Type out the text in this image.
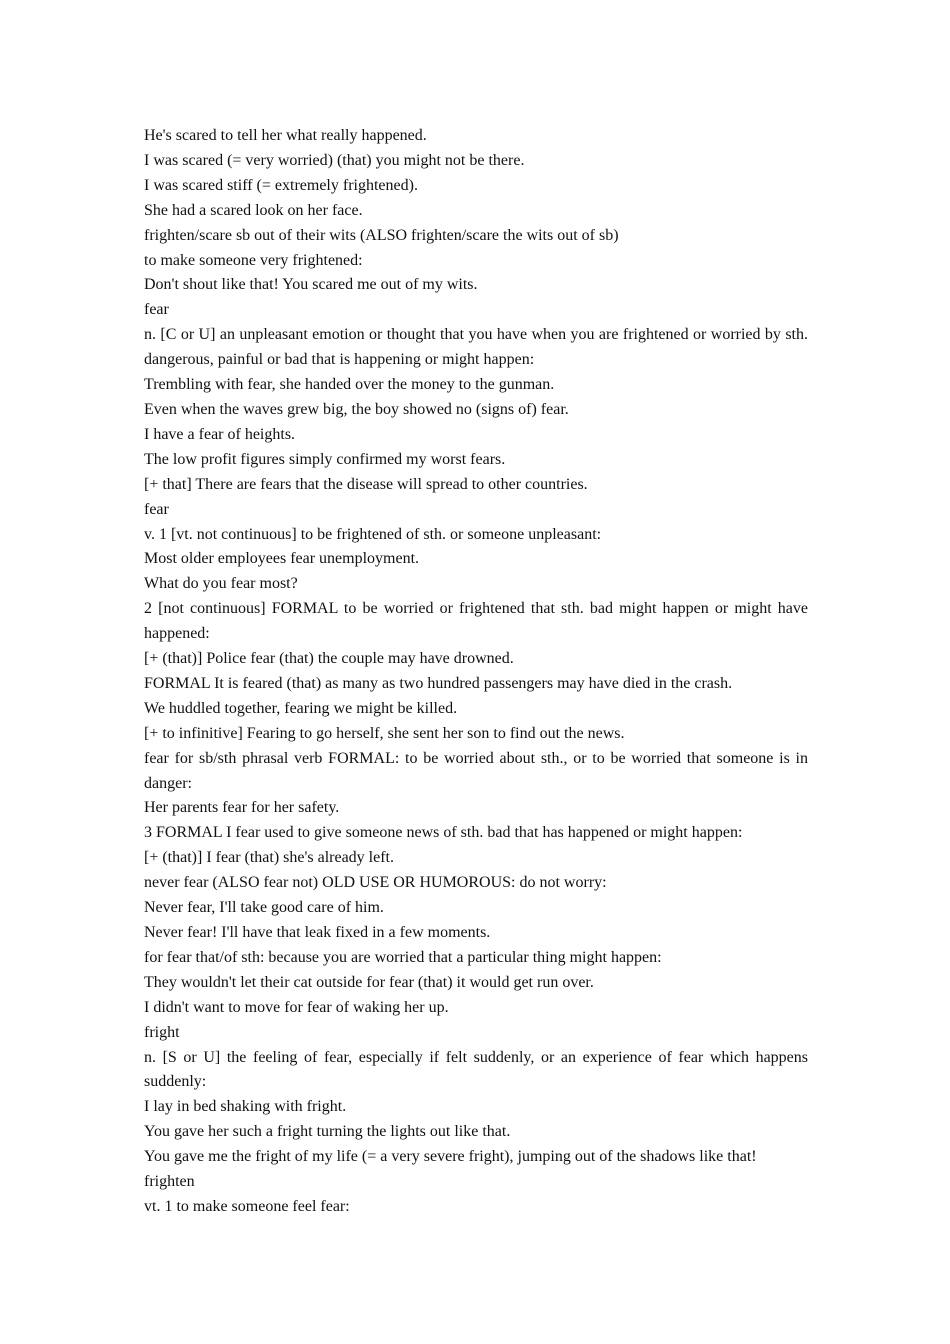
He's scared to tell her what really happened.

I was scared (= very worried) (that) you might not be there.

I was scared stiff (= extremely frightened).

She had a scared look on her face.

frighten/scare sb out of their wits (ALSO frighten/scare the wits out of sb)

to make someone very frightened:

Don't shout like that! You scared me out of my wits.

fear

n. [C or U] an unpleasant emotion or thought that you have when you are frightened or worried by sth. dangerous, painful or bad that is happening or might happen:

Trembling with fear, she handed over the money to the gunman.

Even when the waves grew big, the boy showed no (signs of) fear.

I have a fear of heights.

The low profit figures simply confirmed my worst fears.

[+ that] There are fears that the disease will spread to other countries.

fear

v. 1 [vt. not continuous] to be frightened of sth. or someone unpleasant:

Most older employees fear unemployment.

What do you fear most?

2 [not continuous] FORMAL to be worried or frightened that sth. bad might happen or might have happened:

[+ (that)] Police fear (that) the couple may have drowned.

FORMAL It is feared (that) as many as two hundred passengers may have died in the crash.

We huddled together, fearing we might be killed.

[+ to infinitive] Fearing to go herself, she sent her son to find out the news.

fear for sb/sth phrasal verb FORMAL: to be worried about sth., or to be worried that someone is in danger:

Her parents fear for her safety.

3 FORMAL I fear used to give someone news of sth. bad that has happened or might happen:

[+ (that)] I fear (that) she's already left.

never fear (ALSO fear not) OLD USE OR HUMOROUS: do not worry:

Never fear, I'll take good care of him.

Never fear! I'll have that leak fixed in a few moments.

for fear that/of sth: because you are worried that a particular thing might happen:

They wouldn't let their cat outside for fear (that) it would get run over.

I didn't want to move for fear of waking her up.

fright

n. [S or U] the feeling of fear, especially if felt suddenly, or an experience of fear which happens suddenly:

I lay in bed shaking with fright.

You gave her such a fright turning the lights out like that.

You gave me the fright of my life (= a very severe fright), jumping out of the shadows like that!

frighten

vt. 1 to make someone feel fear:
